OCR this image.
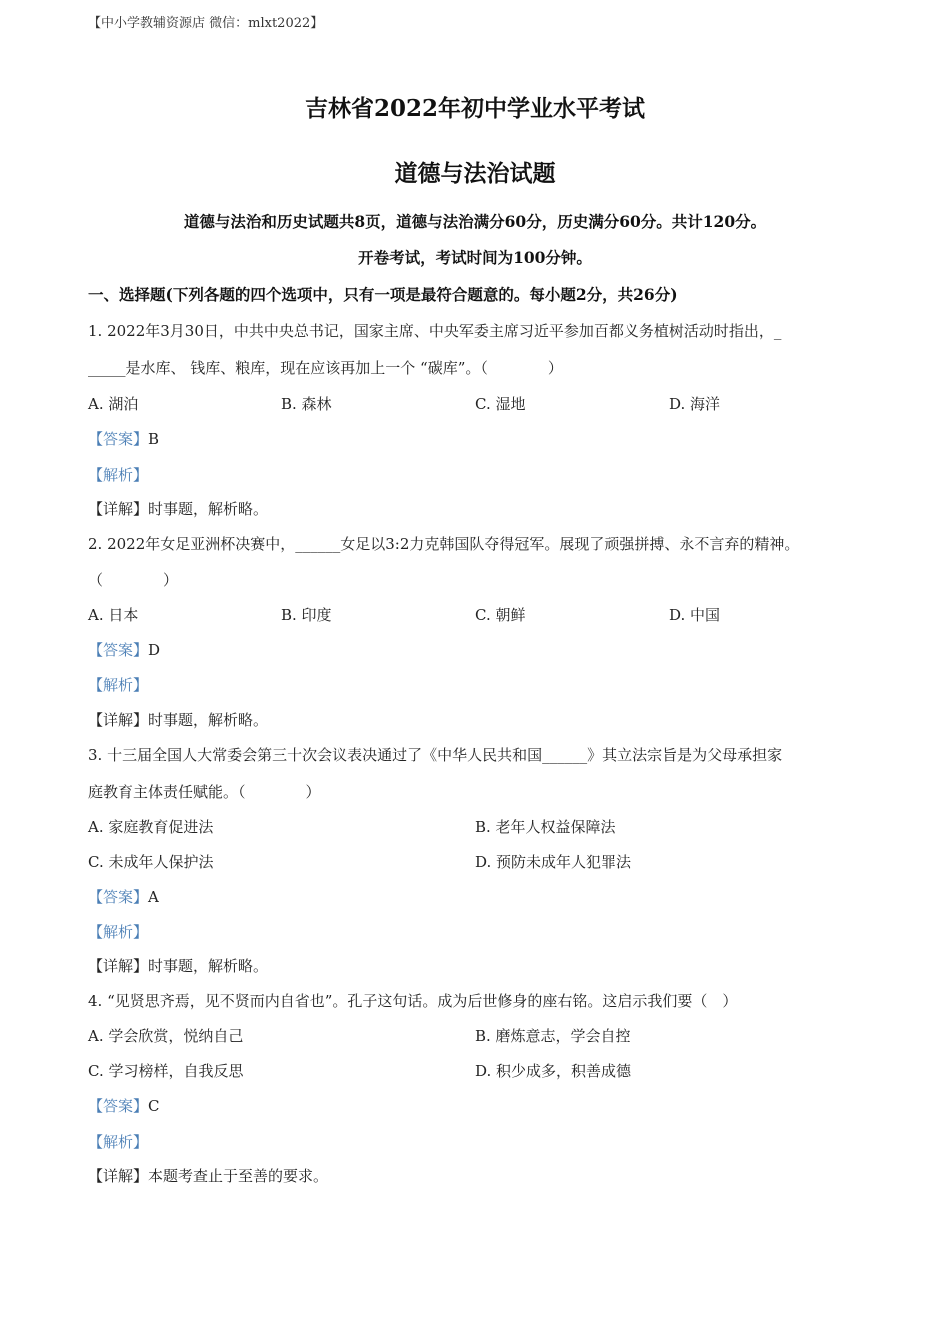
【中小学教辅资源店 微信：mlxt2022】
吉林省2022年初中学业水平考试
道德与法治试题
道德与法治和历史试题共8页，道德与法治满分60分，历史满分60分。共计120分。
开卷考试，考试时间为100分钟。
一、选择题(下列各题的四个选项中，只有一项是最符合题意的。每小题2分，共26分)
1. 2022年3月30日，中共中央总书记，国家主席、中央军委主席习近平参加百都义务植树活动时指出，_
_____是水库、 钱库、粮库，现在应该再加上一个 “碳库”。（　　　　）
A. 湖泊	B. 森林	C. 湿地	D. 海洋
【答案】B
【解析】
【详解】时事题，解析略。
2. 2022年女足亚洲杯决赛中，______女足以3:2力克韩国队夺得冠军。展现了顽强拼搏、永不言弃的精神。
（　　　　）
A. 日本	B. 印度	C. 朝鲜	D. 中国
【答案】D
【解析】
【详解】时事题，解析略。
3. 十三届全国人大常委会第三十次会议表决通过了《中华人民共和国______》其立法宗旨是为父母承担家
庭教育主体责任赋能。（　　　　）
A. 家庭教育促进法	B. 老年人权益保障法
C. 未成年人保护法	D. 预防未成年人犯罪法
【答案】A
【解析】
【详解】时事题，解析略。
4. “见贤思齐焉，见不贤而内自省也”。孔子这句话。成为后世修身的座右铭。这启示我们要（　）
A. 学会欣赏，悦纳自己	B. 磨炼意志，学会自控
C. 学习榜样，自我反思	D. 积少成多，积善成德
【答案】C
【解析】
【详解】本题考查止于至善的要求。
